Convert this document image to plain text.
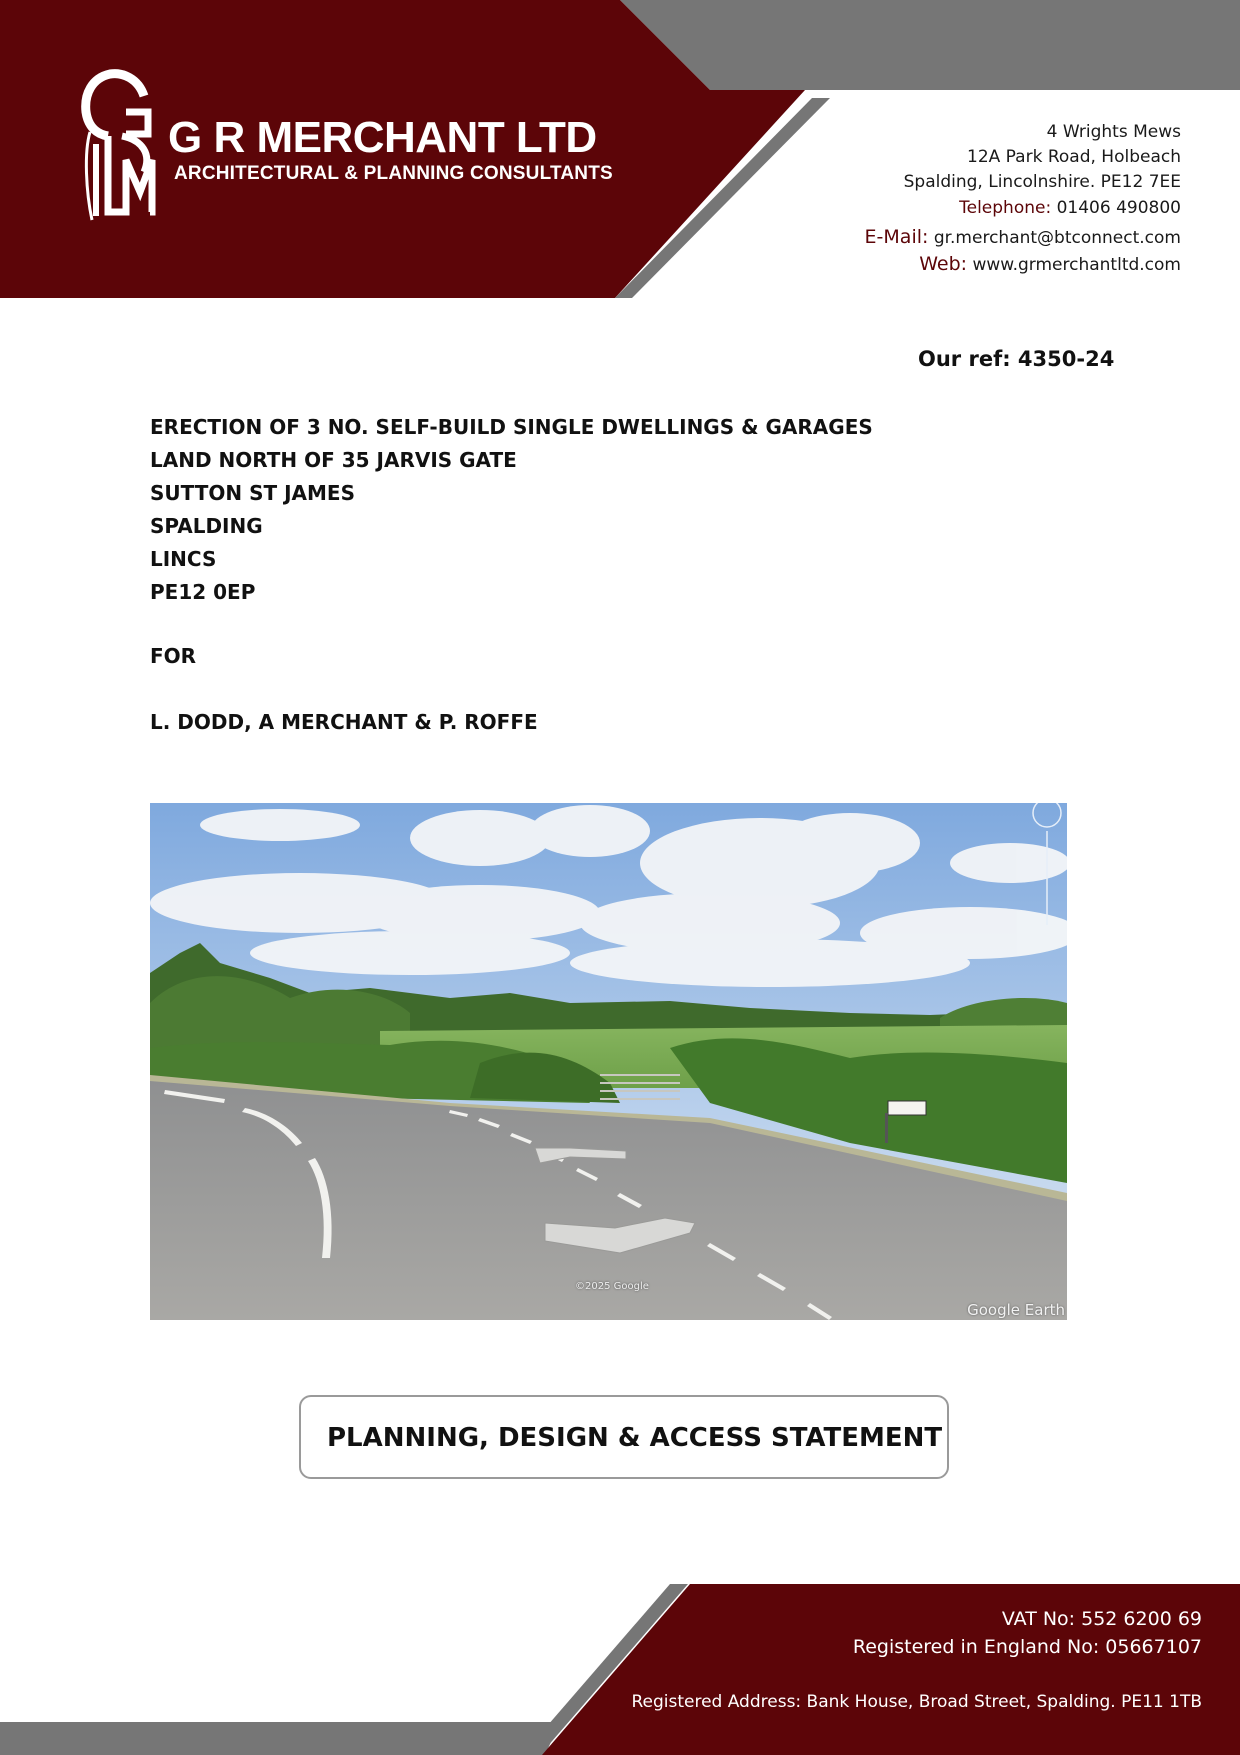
G R MERCHANT LTD
ARCHITECTURAL & PLANNING CONSULTANTS
4 Wrights Mews
12A Park Road, Holbeach
Spalding, Lincolnshire. PE12 7EE
Telephone: 01406 490800
E-Mail: gr.merchant@btconnect.com
Web: www.grmerchantltd.com
Our ref: 4350-24
ERECTION OF 3 NO. SELF-BUILD SINGLE DWELLINGS & GARAGES
LAND NORTH OF 35 JARVIS GATE
SUTTON ST JAMES
SPALDING
LINCS
PE12 0EP
FOR
L. DODD, A MERCHANT & P. ROFFE
©2025 Google
Google Earth
PLANNING, DESIGN & ACCESS STATEMENT
VAT No: 552 6200 69
Registered in England No: 05667107
Registered Address: Bank House, Broad Street, Spalding. PE11 1TB
